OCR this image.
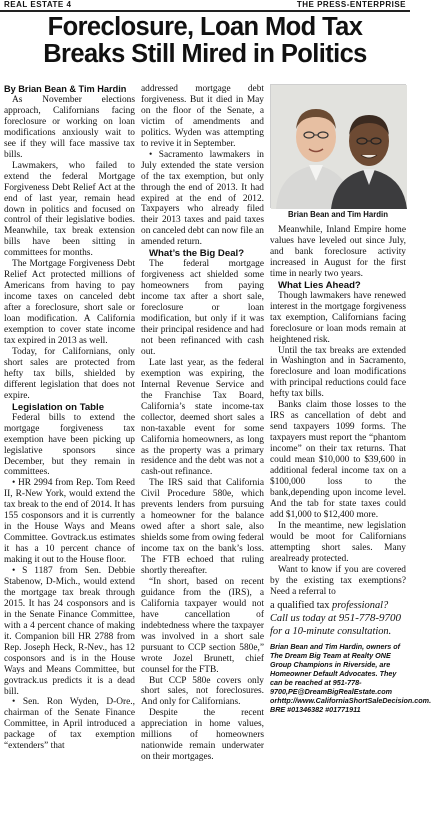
REAL ESTATE 4	THE PRESS-ENTERPRISE
Foreclosure, Loan Mod Tax
Breaks Still Mired in Politics

By Brian Bean & Tim Hardin

As November elections approach, Californians facing foreclosure or working on loan modifications anxiously wait to see if they will face massive tax bills.

Lawmakers, who failed to extend the federal Mortgage Forgiveness Debt Relief Act at the end of last year, remain head down in politics and focused on control of their legislative bodies. Meanwhile, tax break extension bills have been sitting in committees for months.

The Mortgage Forgiveness Debt Relief Act protected millions of Americans from having to pay income taxes on canceled debt after a foreclosure, short sale or loan modification. A California exemption to cover state income tax expired in 2013 as well.

Today, for Californians, only short sales are protected from hefty tax bills, shielded by different legislation that does not expire.

Legislation on Table

Federal bills to extend the mortgage forgiveness tax exemption have been picking up legislative sponsors since December, but they remain in committees.

• HR 2994 from Rep. Tom Reed II, R-New York, would extend the tax break to the end of 2014. It has 155 cosponsors and it is currently in the House Ways and Means Committee. Govtrack.us estimates it has a 10 percent chance of making it out to the House floor.

• S 1187 from Sen. Debbie Stabenow, D-Mich., would extend the mortgage tax break through 2015. It has 24 cosponsors and is in the Senate Finance Committee, with a 4 percent chance of making it. Companion bill HR 2788 from Rep. Joseph Heck, R-Nev., has 12 cosponsors and is in the House Ways and Means Committee, but govtrack.us predicts it is a dead bill.

• Sen. Ron Wyden, D-Ore., chairman of the Senate Finance Committee, in April introduced a package of tax exemption “extenders” that

addressed mortgage debt forgiveness. But it died in May on the floor of the Senate, a victim of amendments and politics. Wyden was attempting to revive it in September.

• Sacramento lawmakers in July extended the state version of the tax exemption, but only through the end of 2013. It had expired at the end of 2012. Taxpayers who already filed their 2013 taxes and paid taxes on canceled debt can now file an amended return.

What’s the Big Deal?

The federal mortgage forgiveness act shielded some homeowners from paying income tax after a short sale, foreclosure or loan modification, but only if it was their principal residence and had not been refinanced with cash out.

Late last year, as the federal exemption was expiring, the Internal Revenue Service and the Franchise Tax Board, California’s state income-tax collector, deemed short sales a non-taxable event for some California homeowners, as long as the property was a primary residence and the debt was not a cash-out refinance.

The IRS said that California Civil Procedure 580e, which prevents lenders from pursuing a homeowner for the balance owed after a short sale, also shields some from owing federal income tax on the bank’s loss. The FTB echoed that ruling shortly thereafter.

“In short, based on recent guidance from the (IRS), a California taxpayer would not have cancellation of indebtedness where the taxpayer was involved in a short sale pursuant to CCP section 580e,” wrote Jozel Brunett, chief counsel for the FTB.

But CCP 580e covers only short sales, not foreclosures. And only for Californians.

Despite the recent appreciation in home values, millions of homeowners nationwide remain underwater on their mortgages.

Brian Bean and Tim Hardin

Meanwhile, Inland Empire home values have leveled out since July, and bank foreclosure activity increased in August for the first time in nearly two years.

What Lies Ahead?

Though lawmakers have renewed interest in the mortgage forgiveness tax exemption, Californians facing foreclosure or loan mods remain at heightened risk.

Until the tax breaks are extended in Washington and in Sacramento, foreclosure and loan modifications with principal reductions could face hefty tax bills.

Banks claim those losses to the IRS as cancellation of debt and send taxpayers 1099 forms. The taxpayers must report the “phantom income” on their tax returns. That could mean $10,000 to $39,600 in additional federal income tax on a $100,000 loss to the bank,depending upon income level. And the tab for state taxes could add $1,000 to $12,400 more.

In the meantime, new legislation would be moot for Californians attempting short sales. Many arealready protected.

Want to know if you are covered by the existing tax exemptions? Need a referral to

a qualified tax professional? Call us today at 951-778-9700 for a 10-minute consultation.

Brian Bean and Tim Hardin, owners of The Dream Big Team at Realty ONE Group Champions in Riverside, are Homeowner Default Advocates. They can be reached at 951-778-9700,PE@DreamBigRealEstate.com orhttp://www.CaliforniaShortSaleDecision.com. BRE #01346382 #01771911
